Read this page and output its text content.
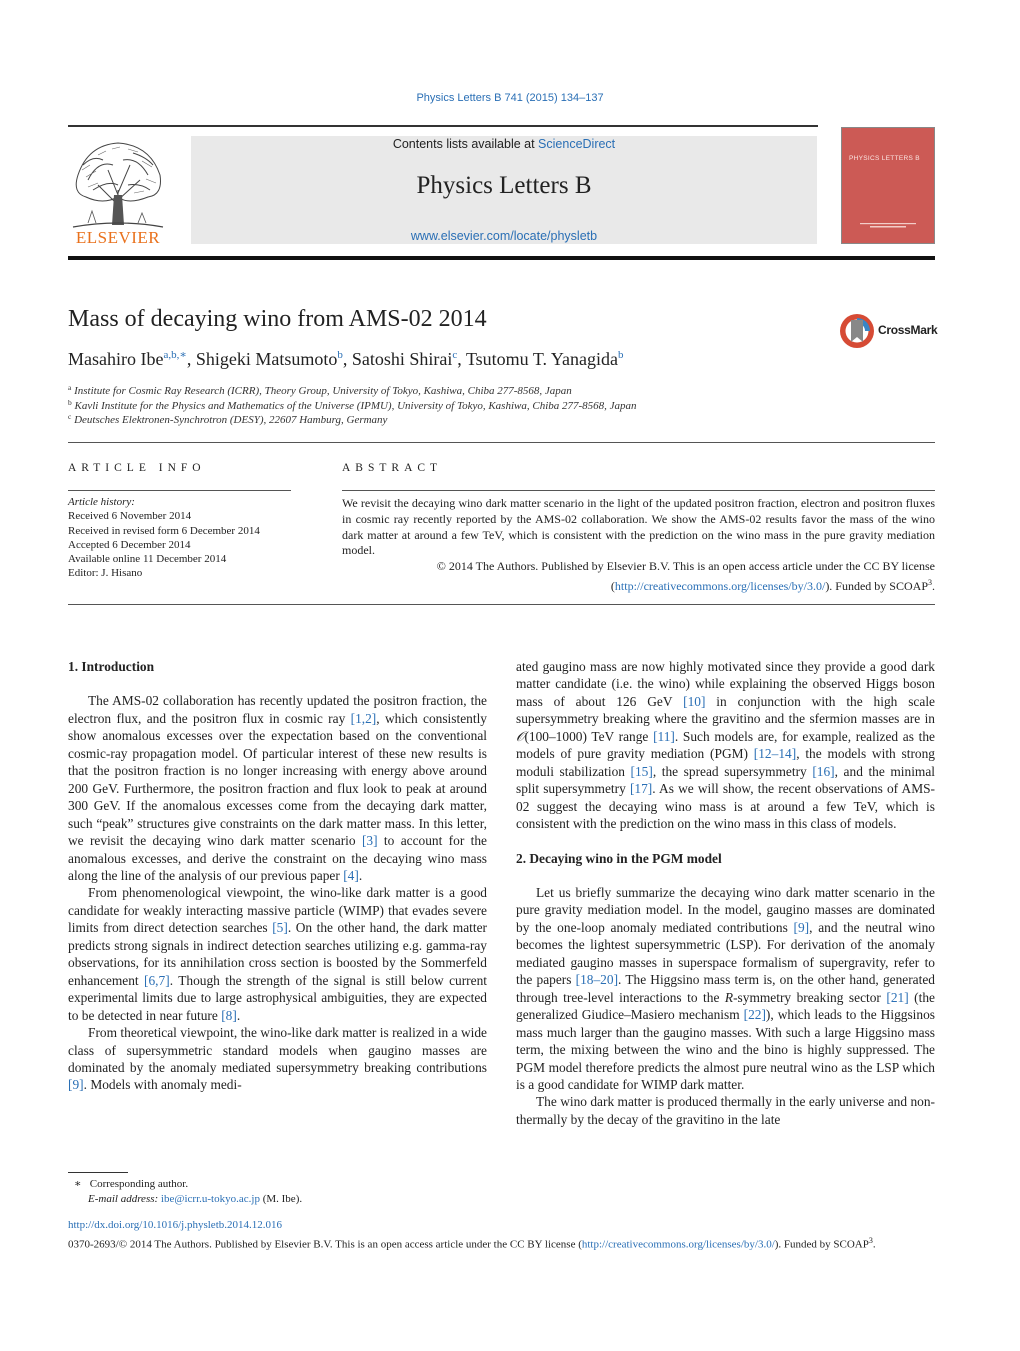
Physics Letters B 741 (2015) 134–137
ELSEVIER
Contents lists available at ScienceDirect
Physics Letters B
www.elsevier.com/locate/physletb
PHYSICS LETTERS B
Mass of decaying wino from AMS-02 2014	CrossMark
Masahiro Ibe$^{a,b,∗}$, Shigeki Matsumoto$^b$, Satoshi Shirai$^c$, Tsutomu T. Yanagida$^b$
$^a$ Institute for Cosmic Ray Research (ICRR), Theory Group, University of Tokyo, Kashiwa, Chiba 277-8568, Japan
$^b$ Kavli Institute for the Physics and Mathematics of the Universe (IPMU), University of Tokyo, Kashiwa, Chiba 277-8568, Japan
$^c$ Deutsches Elektronen-Synchrotron (DESY), 22607 Hamburg, Germany
ARTICLE INFO	ABSTRACT
Article history:
Received 6 November 2014
Received in revised form 6 December 2014
Accepted 6 December 2014
Available online 11 December 2014
Editor: J. Hisano
We revisit the decaying wino dark matter scenario in the light of the updated positron fraction, electron and positron fluxes in cosmic ray recently reported by the AMS-02 collaboration. We show the AMS-02 results favor the mass of the wino dark matter at around a few TeV, which is consistent with the prediction on the wino mass in the pure gravity mediation model.
© 2014 The Authors. Published by Elsevier B.V. This is an open access article under the CC BY license
(http://creativecommons.org/licenses/by/3.0/). Funded by SCOAP$^3$.
1. Introduction

The AMS-02 collaboration has recently updated the positron fraction, the electron flux, and the positron flux in cosmic ray [1,2], which consistently show anomalous excesses over the expectation based on the conventional cosmic-ray propagation model. Of particular interest of these new results is that the positron fraction is no longer increasing with energy above around 200 GeV. Furthermore, the positron fraction and flux look to peak at around 300 GeV. If the anomalous excesses come from the decaying dark matter, such “peak” structures give constraints on the dark matter mass. In this letter, we revisit the decaying wino dark matter scenario [3] to account for the anomalous excesses, and derive the constraint on the decaying wino mass along the line of the analysis of our previous paper [4].

From phenomenological viewpoint, the wino-like dark matter is a good candidate for weakly interacting massive particle (WIMP) that evades severe limits from direct detection searches [5]. On the other hand, the dark matter predicts strong signals in indirect detection searches utilizing e.g. gamma-ray observations, for its annihilation cross section is boosted by the Sommerfeld enhancement [6,7]. Though the strength of the signal is still below current experimental limits due to large astrophysical ambiguities, they are expected to be detected in near future [8].

From theoretical viewpoint, the wino-like dark matter is realized in a wide class of supersymmetric standard models when gaugino masses are dominated by the anomaly mediated supersymmetry breaking contributions [9]. Models with anomaly medi-

ated gaugino mass are now highly motivated since they provide a good dark matter candidate (i.e. the wino) while explaining the observed Higgs boson mass of about 126 GeV [10] in conjunction with the high scale supersymmetry breaking where the gravitino and the sfermion masses are in 𝒪(100–1000) TeV range [11]. Such models are, for example, realized as the models of pure gravity mediation (PGM) [12–14], the models with strong moduli stabilization [15], the spread supersymmetry [16], and the minimal split supersymmetry [17]. As we will show, the recent observations of AMS-02 suggest the decaying wino mass is at around a few TeV, which is consistent with the prediction on the wino mass in this class of models.

2. Decaying wino in the PGM model

Let us briefly summarize the decaying wino dark matter scenario in the pure gravity mediation model. In the model, gaugino masses are dominated by the one-loop anomaly mediated contributions [9], and the neutral wino becomes the lightest supersymmetric (LSP). For derivation of the anomaly mediated gaugino masses in superspace formalism of supergravity, refer to the papers [18–20]. The Higgsino mass term is, on the other hand, generated through tree-level interactions to the R-symmetry breaking sector [21] (the generalized Giudice–Masiero mechanism [22]), which leads to the Higgsinos mass much larger than the gaugino masses. With such a large Higgsino mass term, the mixing between the wino and the bino is highly suppressed. The PGM model therefore predicts the almost pure neutral wino as the LSP which is a good candidate for WIMP dark matter.

The wino dark matter is produced thermally in the early universe and non-thermally by the decay of the gravitino in the late

∗ Corresponding author.
E-mail address: ibe@icrr.u-tokyo.ac.jp (M. Ibe).
http://dx.doi.org/10.1016/j.physletb.2014.12.016
0370-2693/© 2014 The Authors. Published by Elsevier B.V. This is an open access article under the CC BY license (http://creativecommons.org/licenses/by/3.0/). Funded by SCOAP$^3$.
